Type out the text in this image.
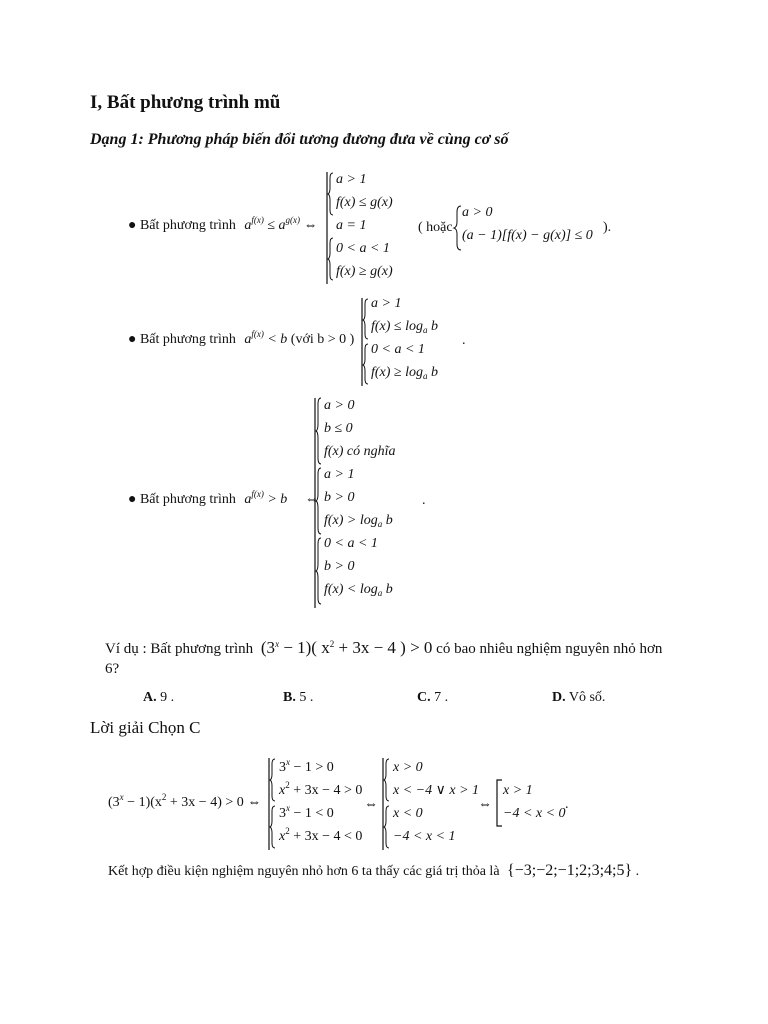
I, Bất phương trình mũ
Dạng 1: Phương pháp biến đổi tương đương đưa về cùng cơ số
● Bất phương trình $a^{f(x)} \le a^{g(x)}$ ⇔
a > 1
f(x) ≤ g(x)
a = 1
0 < a < 1
f(x) ≥ g(x)
( hoặc
a > 0
(a − 1)[f(x) − g(x)] ≤ 0
).
● Bất phương trình $a^{f(x)} < b$ (với b > 0 )
a > 1
$f(x) \le \log_a b$
0 < a < 1
$f(x) \ge \log_a b$
.
● Bất phương trình $a^{f(x)} > b$ ⇔
a > 0
b ≤ 0
f(x) có nghĩa
a > 1
b > 0
$f(x) > \log_a b$
0 < a < 1
b > 0
$f(x) < \log_a b$
.
Ví dụ : Bất phương trình $(3^x - 1)$( $x^2 + 3x - 4$ ) > 0 có bao nhiêu nghiệm nguyên nhỏ hơn
6?
A. 9 .	B. 5 .	C. 7 .	D. Vô số.
Lời giải Chọn C
$(3^x - 1)(x^2 + 3x - 4) > 0$ ⇔
$3^x - 1 > 0$
$x^2 + 3x - 4 > 0$
$3^x - 1 < 0$
$x^2 + 3x - 4 < 0$
⇔
x > 0
x < −4 ∨ x > 1
x < 0
−4 < x < 1
⇔
x > 1
−4 < x < 0
.
Kết hợp điều kiện nghiệm nguyên nhỏ hơn 6 ta thấy các giá trị thỏa là {−3;−2;−1;2;3;4;5} .
